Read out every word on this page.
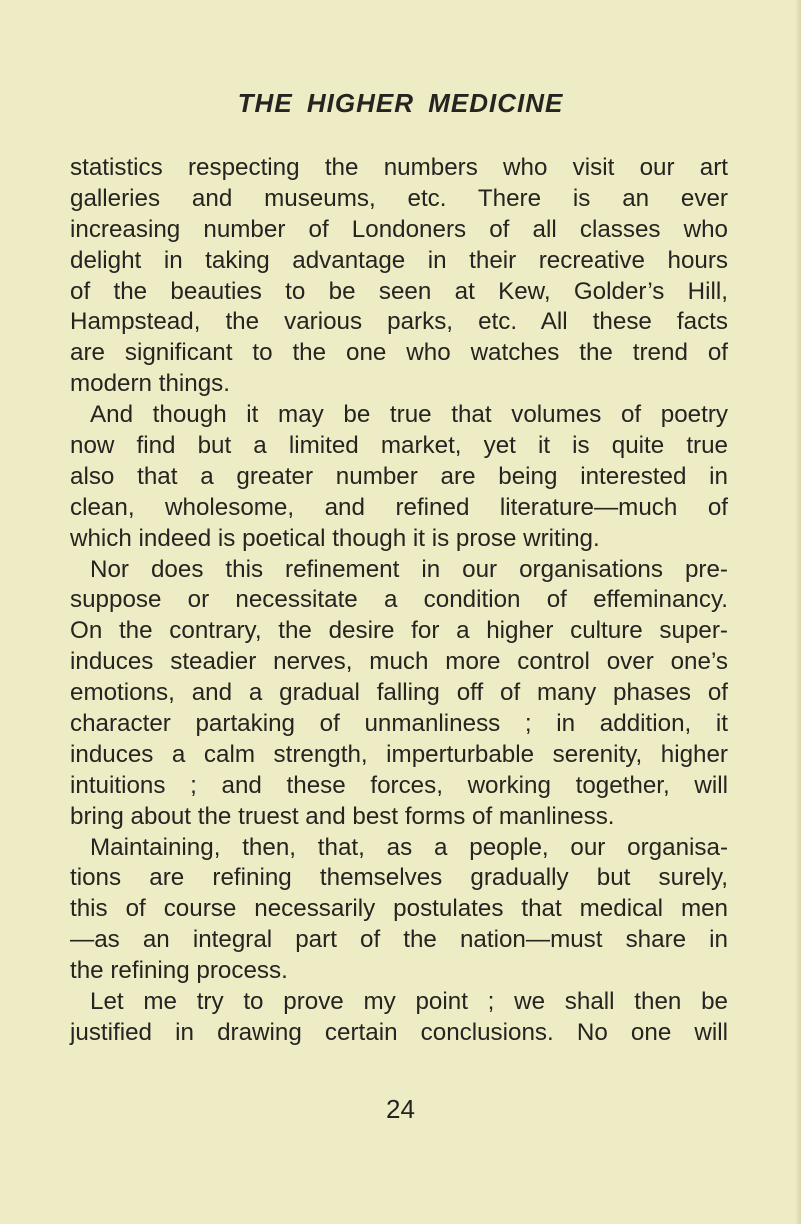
THE HIGHER MEDICINE
statistics respecting the numbers who visit our art
galleries and museums, etc. There is an ever
increasing number of Londoners of all classes who
delight in taking advantage in their recreative hours
of the beauties to be seen at Kew, Golder’s Hill,
Hampstead, the various parks, etc. All these facts
are significant to the one who watches the trend of
modern things.
And though it may be true that volumes of poetry
now find but a limited market, yet it is quite true
also that a greater number are being interested in
clean, wholesome, and refined literature—much of
which indeed is poetical though it is prose writing.
Nor does this refinement in our organisations pre-
suppose or necessitate a condition of effeminancy.
On the contrary, the desire for a higher culture super-
induces steadier nerves, much more control over one’s
emotions, and a gradual falling off of many phases of
character partaking of unmanliness ; in addition, it
induces a calm strength, imperturbable serenity, higher
intuitions ; and these forces, working together, will
bring about the truest and best forms of manliness.
Maintaining, then, that, as a people, our organisa-
tions are refining themselves gradually but surely,
this of course necessarily postulates that medical men
—as an integral part of the nation—must share in
the refining process.
Let me try to prove my point ; we shall then be
justified in drawing certain conclusions. No one will
24
